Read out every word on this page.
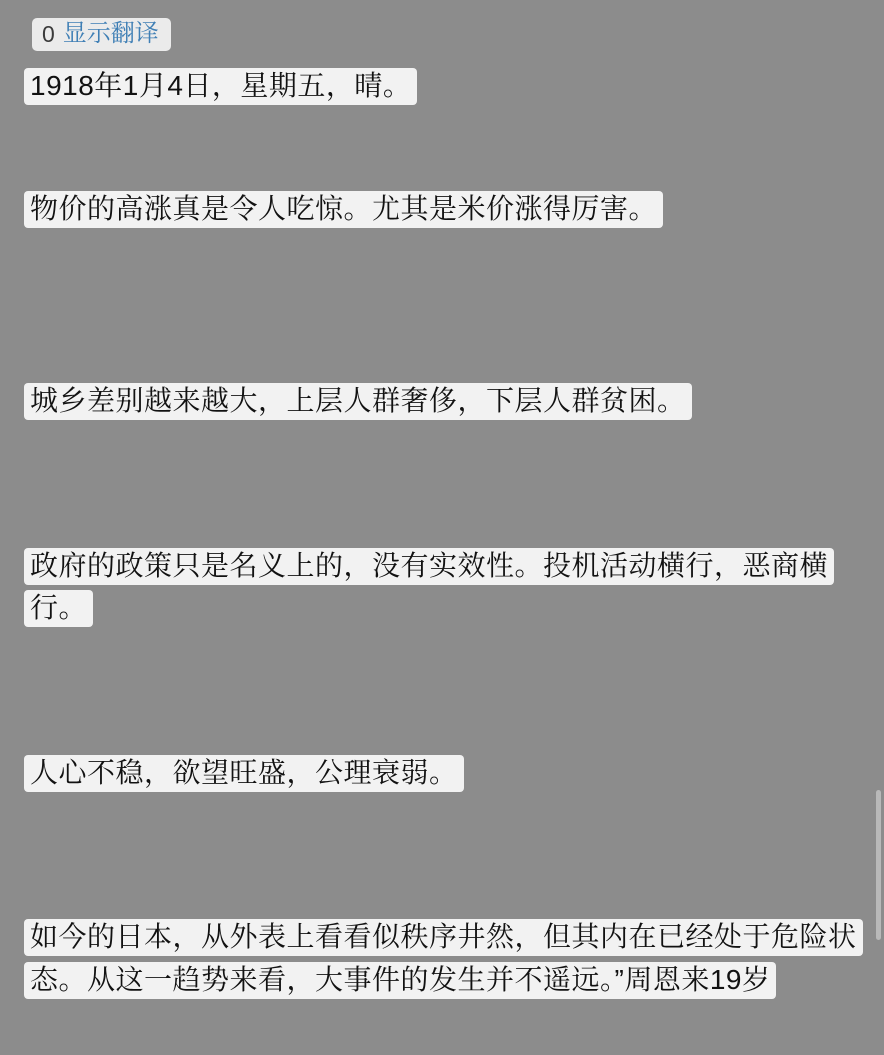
0 显示翻译
1918年1月4日，星期五，晴。
物价的高涨真是令人吃惊。尤其是米价涨得厉害。
城乡差别越来越大，上层人群奢侈，下层人群贫困。
政府的政策只是名义上的，没有实效性。投机活动横行，恶商横行。
人心不稳，欲望旺盛，公理衰弱。
如今的日本，从外表上看看似秩序井然，但其内在已经处于危险状态。从这一趋势来看，大事件的发生并不遥远。”周恩来19岁
